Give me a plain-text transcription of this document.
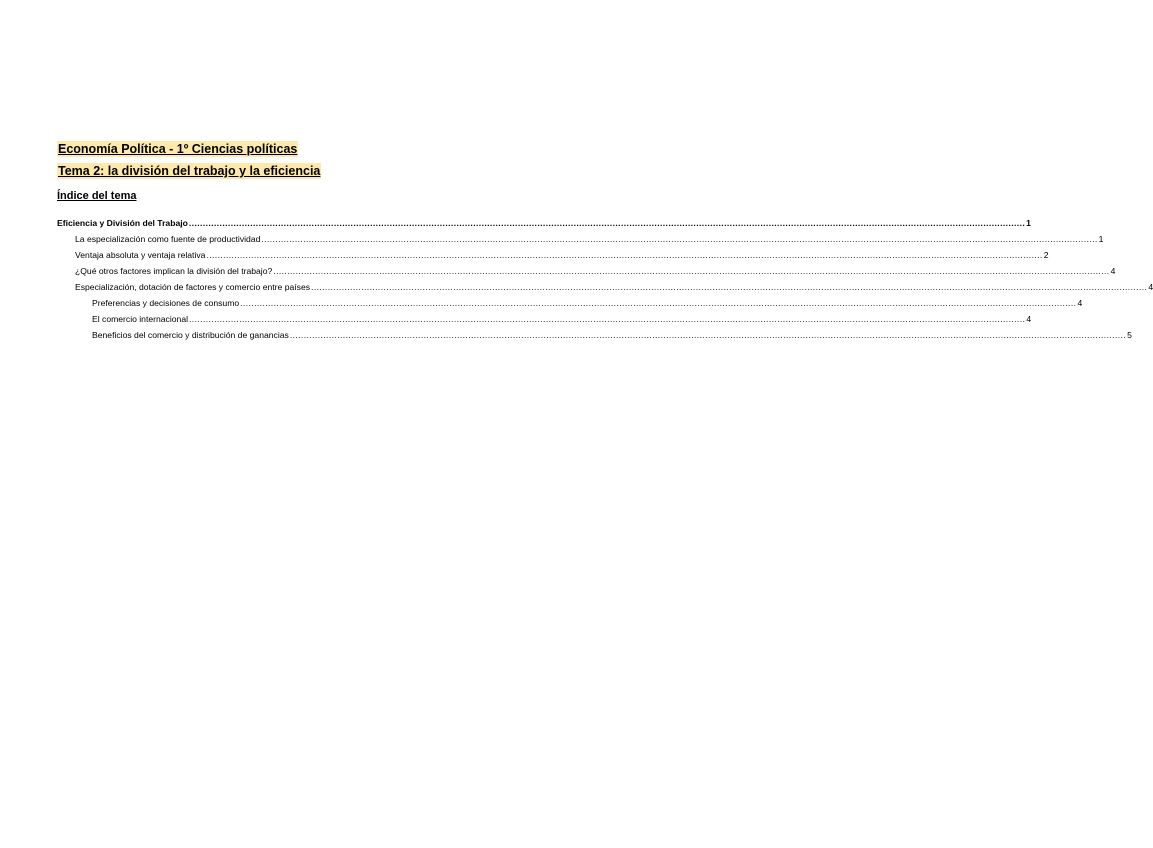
Economía Política - 1º Ciencias políticas
Tema 2: la división del trabajo y la eficiencia
Índice del tema
Eficiencia y División del Trabajo ............................................................................................................................................................................................................................................................................................................ 1
La especialización como fuente de productividad ............................................................................................................................................................................................................................................................................................................ 1
Ventaja absoluta y ventaja relativa ............................................................................................................................................................................................................................................................................................................ 2
¿Qué otros factores implican la división del trabajo? ............................................................................................................................................................................................................................................................................................................ 4
Especialización, dotación de factores y comercio entre países ............................................................................................................................................................................................................................................................................................................ 4
Preferencias y decisiones de consumo ............................................................................................................................................................................................................................................................................................................ 4
El comercio internacional ............................................................................................................................................................................................................................................................................................................ 4
Beneficios del comercio y distribución de ganancias ............................................................................................................................................................................................................................................................................................................ 5
